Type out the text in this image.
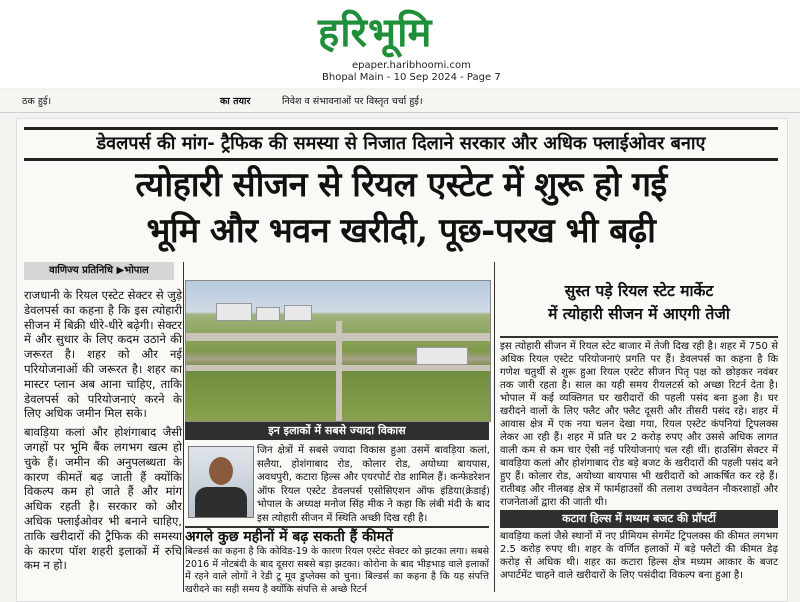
हरिभूमि
epaper.haribhoomi.com
Bhopal Main - 10 Sep 2024 - Page 7
ठक हुई।	का तयार	निवेश व संभावनाओं पर विस्तृत चर्चा हुई।
डेवलपर्स की मांग- ट्रैफिक की समस्या से निजात दिलाने सरकार और अधिक फ्लाईओवर बनाए
त्योहारी सीजन से रियल एस्टेट में शुरू हो गई
भूमि और भवन खरीदी, पूछ-परख भी बढ़ी
वाणिज्य प्रतिनिधि ▶भोपाल

राजधानी के रियल एस्टेट सेक्टर से जुड़े डेवलपर्स का कहना है कि इस त्योहारी सीजन में बिक्री धीरे-धीरे बढ़ेगी। सेक्टर में और सुधार के लिए कदम उठाने की जरूरत है। शहर को और नई परियोजनाओं की जरूरत है। शहर का मास्टर प्लान अब आना चाहिए, ताकि डेवलपर्स को परियोजनाएं करने के लिए अधिक जमीन मिल सके।

बावड़िया कलां और होशंगाबाद जैसी जगहों पर भूमि बैंक लगभग खत्म हो चुके हैं। जमीन की अनुपलब्धता के कारण कीमतें बढ़ जाती हैं क्योंकि विकल्प कम हो जाते हैं और मांग अधिक रहती है। सरकार को और अधिक फ्लाईओवर भी बनाने चाहिए, ताकि खरीदारों की ट्रैफिक की समस्या के कारण पॉश शहरी इलाकों में रुचि कम न हो।

इन इलाकों में सबसे ज्यादा विकास
जिन क्षेत्रों में सबसे ज्यादा विकास हुआ उसमें बावड़िया कलां, सलैया, होशंगाबाद रोड, कोलार रोड, अयोध्या बायपास, अवधपुरी, कटारा हिल्स और एयरपोर्ट रोड शामिल हैं। कन्फेडरेशन ऑफ रियल एस्टेट डेवलपर्स एसोसिएशन ऑफ इंडिया(क्रेडाई) भोपाल के अध्यक्ष मनोज सिंह मीक ने कहा कि लंबी मंदी के बाद इस त्योहारी सीजन में स्थिति अच्छी दिख रही है।
अगले कुछ महीनों में बढ़ सकती हैं कीमतें
बिल्डर्स का कहना है कि कोविड-19 के कारण रियल एस्टेट सेक्टर को झटका लगा। सबसे 2016 में नोटबंदी के बाद दूसरा सबसे बड़ा झटका। कोरोना के बाद भीड़भाड़ वाले इलाकों में रहने वाले लोगों ने रेडी टू मूव डुप्लेक्स को चुना। बिल्डर्स का कहना है कि यह संपत्ति खरीदने का सही समय है क्योंकि संपत्ति से अच्छे रिटर्न
सुस्त पड़े रियल स्टेट मार्केट
में त्योहारी सीजन में आएगी तेजी
इस त्योहारी सीजन में रियल स्टेट बाजार में तेजी दिख रही है। शहर में 750 से अधिक रियल एस्टेट परियोजनाएं प्रगति पर हैं। डेवलपर्स का कहना है कि गणेश चतुर्थी से शुरू हुआ रियल एस्टेट सीजन पितृ पक्ष को छोड़कर नवंबर तक जारी रहता है। साल का यही समय रीयलटर्स को अच्छा रिटर्न देता है। भोपाल में कई व्यक्तिगत घर खरीदारों की पहली पसंद बना हुआ है। घर खरीदने वालों के लिए फ्लैट और फ्लैट दूसरी और तीसरी पसंद रहे। शहर में आवास क्षेत्र में एक नया चलन देखा गया, रियल एस्टेट कंपनियां ट्रिपलक्स लेकर आ रही हैं। शहर में प्रति घर 2 करोड़ रुपए और उससे अधिक लागत वाली कम से कम चार ऐसी नई परियोजनाएं चल रही थीं। हाउसिंग सेक्टर में बावड़िया कलां और होशंगाबाद रोड बड़े बजट के खरीदारों की पहली पसंद बने हुए हैं। कोलार रोड, अयोध्या बायपास भी खरीदारों को आकर्षित कर रहे हैं। रातीबड़ और नीलबड़ क्षेत्र में फार्महाउसों की तलाश उच्चवेतन नौकरशाहों और राजनेताओं द्वारा की जाती थी।
कटारा हिल्स में मध्यम बजट की प्रॉपर्टी
बावड़िया कलां जैसे स्थानों में नए प्रीमियम सेगमेंट ट्रिपलक्स की कीमत लगभग 2.5 करोड़ रुपए थी। शहर के वर्णित इलाकों में बड़े फ्लैटों की कीमत डेढ़ करोड़ से अधिक थी। शहर का कटारा हिल्स क्षेत्र मध्यम आकार के बजट अपार्टमेंट चाहने वाले खरीदारों के लिए पसंदीदा विकल्प बना हुआ है।
